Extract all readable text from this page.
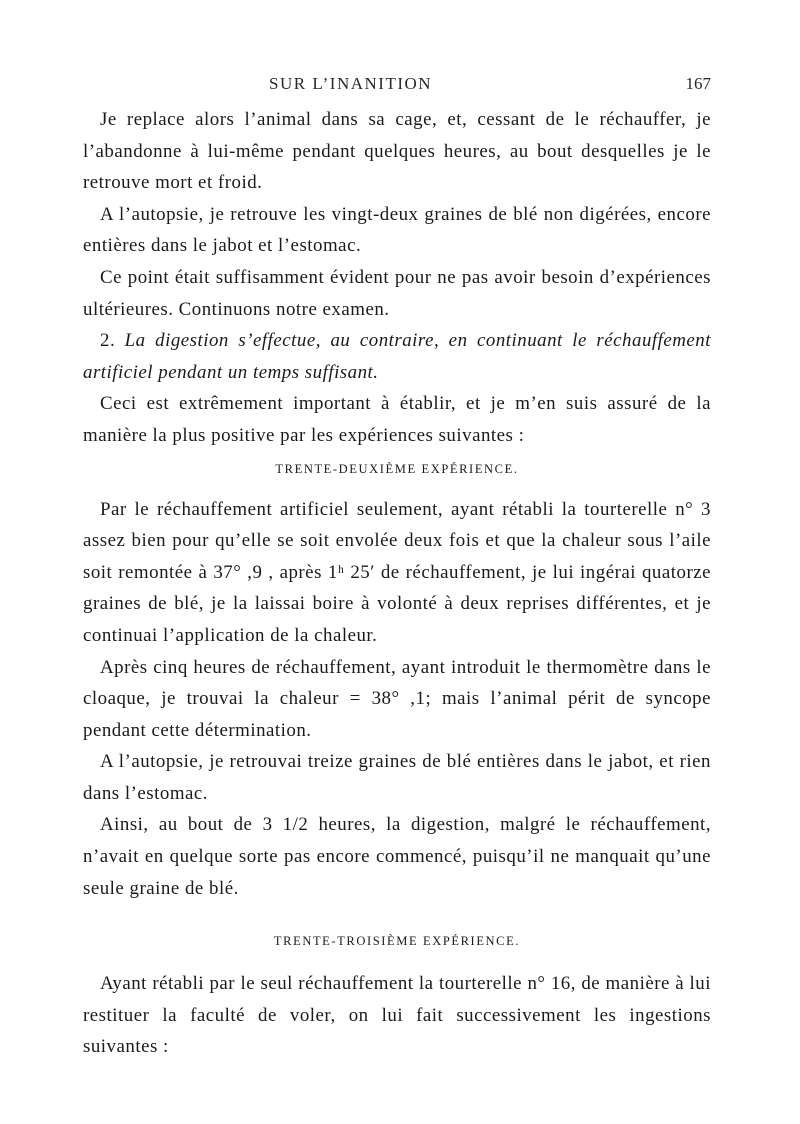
SUR L’INANITION	167

Je replace alors l’animal dans sa cage, et, cessant de le réchauffer, je l’abandonne à lui-même pendant quelques heures, au bout desquelles je le retrouve mort et froid.

A l’autopsie, je retrouve les vingt-deux graines de blé non digérées, encore entières dans le jabot et l’estomac.

Ce point était suffisamment évident pour ne pas avoir besoin d’expériences ultérieures. Continuons notre examen.

2. La digestion s’effectue, au contraire, en continuant le réchauffement artificiel pendant un temps suffisant.

Ceci est extrêmement important à établir, et je m’en suis assuré de la manière la plus positive par les expériences suivantes :

TRENTE-DEUXIÈME EXPÉRIENCE.

Par le réchauffement artificiel seulement, ayant rétabli la tourterelle n° 3 assez bien pour qu’elle se soit envolée deux fois et que la chaleur sous l’aile soit remontée à 37° ,9 , après 1ʰ 25′ de réchauffement, je lui ingérai quatorze graines de blé, je la laissai boire à volonté à deux reprises différentes, et je continuai l’application de la chaleur.

Après cinq heures de réchauffement, ayant introduit le thermomètre dans le cloaque, je trouvai la chaleur = 38° ,1; mais l’animal périt de syncope pendant cette détermination.

A l’autopsie, je retrouvai treize graines de blé entières dans le jabot, et rien dans l’estomac.

Ainsi, au bout de 3 1/2 heures, la digestion, malgré le réchauffement, n’avait en quelque sorte pas encore commencé, puisqu’il ne manquait qu’une seule graine de blé.

TRENTE-TROISIÈME EXPÉRIENCE.

Ayant rétabli par le seul réchauffement la tourterelle n° 16, de manière à lui restituer la faculté de voler, on lui fait successivement les ingestions suivantes :
